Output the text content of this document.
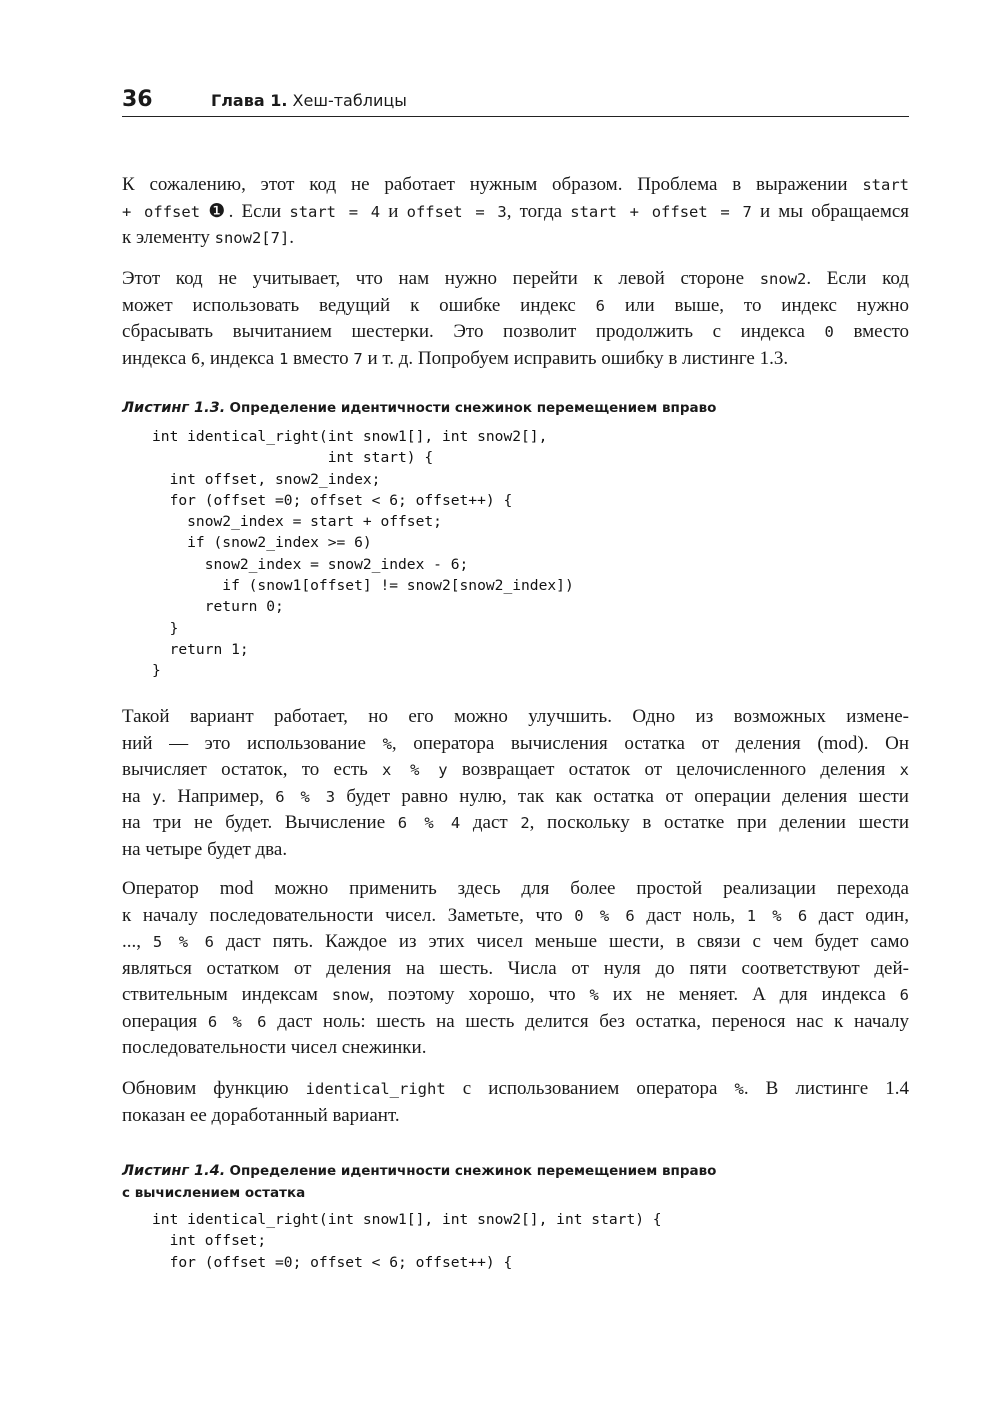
36	Глава 1. Хеш-таблицы
К сожалению, этот код не работает нужным образом. Проблема в выражении start
+ offset ❶. Если start = 4 и offset = 3, тогда start + offset = 7 и мы обращаемся
к элементу snow2[7].
Этот код не учитывает, что нам нужно перейти к левой стороне snow2. Если код
может использовать ведущий к ошибке индекс 6 или выше, то индекс нужно
сбрасывать вычитанием шестерки. Это позволит продолжить с индекса 0 вместо
индекса 6, индекса 1 вместо 7 и т. д. Попробуем исправить ошибку в листинге 1.3.
Листинг 1.3. Определение идентичности снежинок перемещением вправо
int identical_right(int snow1[], int snow2[],
int start) {
int offset, snow2_index;
for (offset =0; offset < 6; offset++) {
snow2_index = start + offset;
if (snow2_index >= 6)
snow2_index = snow2_index - 6;
if (snow1[offset] != snow2[snow2_index])
return 0;
}
return 1;
}
Такой вариант работает, но его можно улучшить. Одно из возможных измене-
ний — это использование %, оператора вычисления остатка от деления (mod). Он
вычисляет остаток, то есть x % y возвращает остаток от целочисленного деления x
на y. Например, 6 % 3 будет равно нулю, так как остатка от операции деления шести
на три не будет. Вычисление 6 % 4 даст 2, поскольку в остатке при делении шести
на четыре будет два.
Оператор mod можно применить здесь для более простой реализации перехода
к началу последовательности чисел. Заметьте, что 0 % 6 даст ноль, 1 % 6 даст один,
..., 5 % 6 даст пять. Каждое из этих чисел меньше шести, в связи с чем будет само
являться остатком от деления на шесть. Числа от нуля до пяти соответствуют дей-
ствительным индексам snow, поэтому хорошо, что % их не меняет. А для индекса 6
операция 6 % 6 даст ноль: шесть на шесть делится без остатка, перенося нас к началу
последовательности чисел снежинки.
Обновим функцию identical_right с использованием оператора %. В листинге 1.4
показан ее доработанный вариант.
Листинг 1.4. Определение идентичности снежинок перемещением вправо
с вычислением остатка
int identical_right(int snow1[], int snow2[], int start) {
int offset;
for (offset =0; offset < 6; offset++) {
